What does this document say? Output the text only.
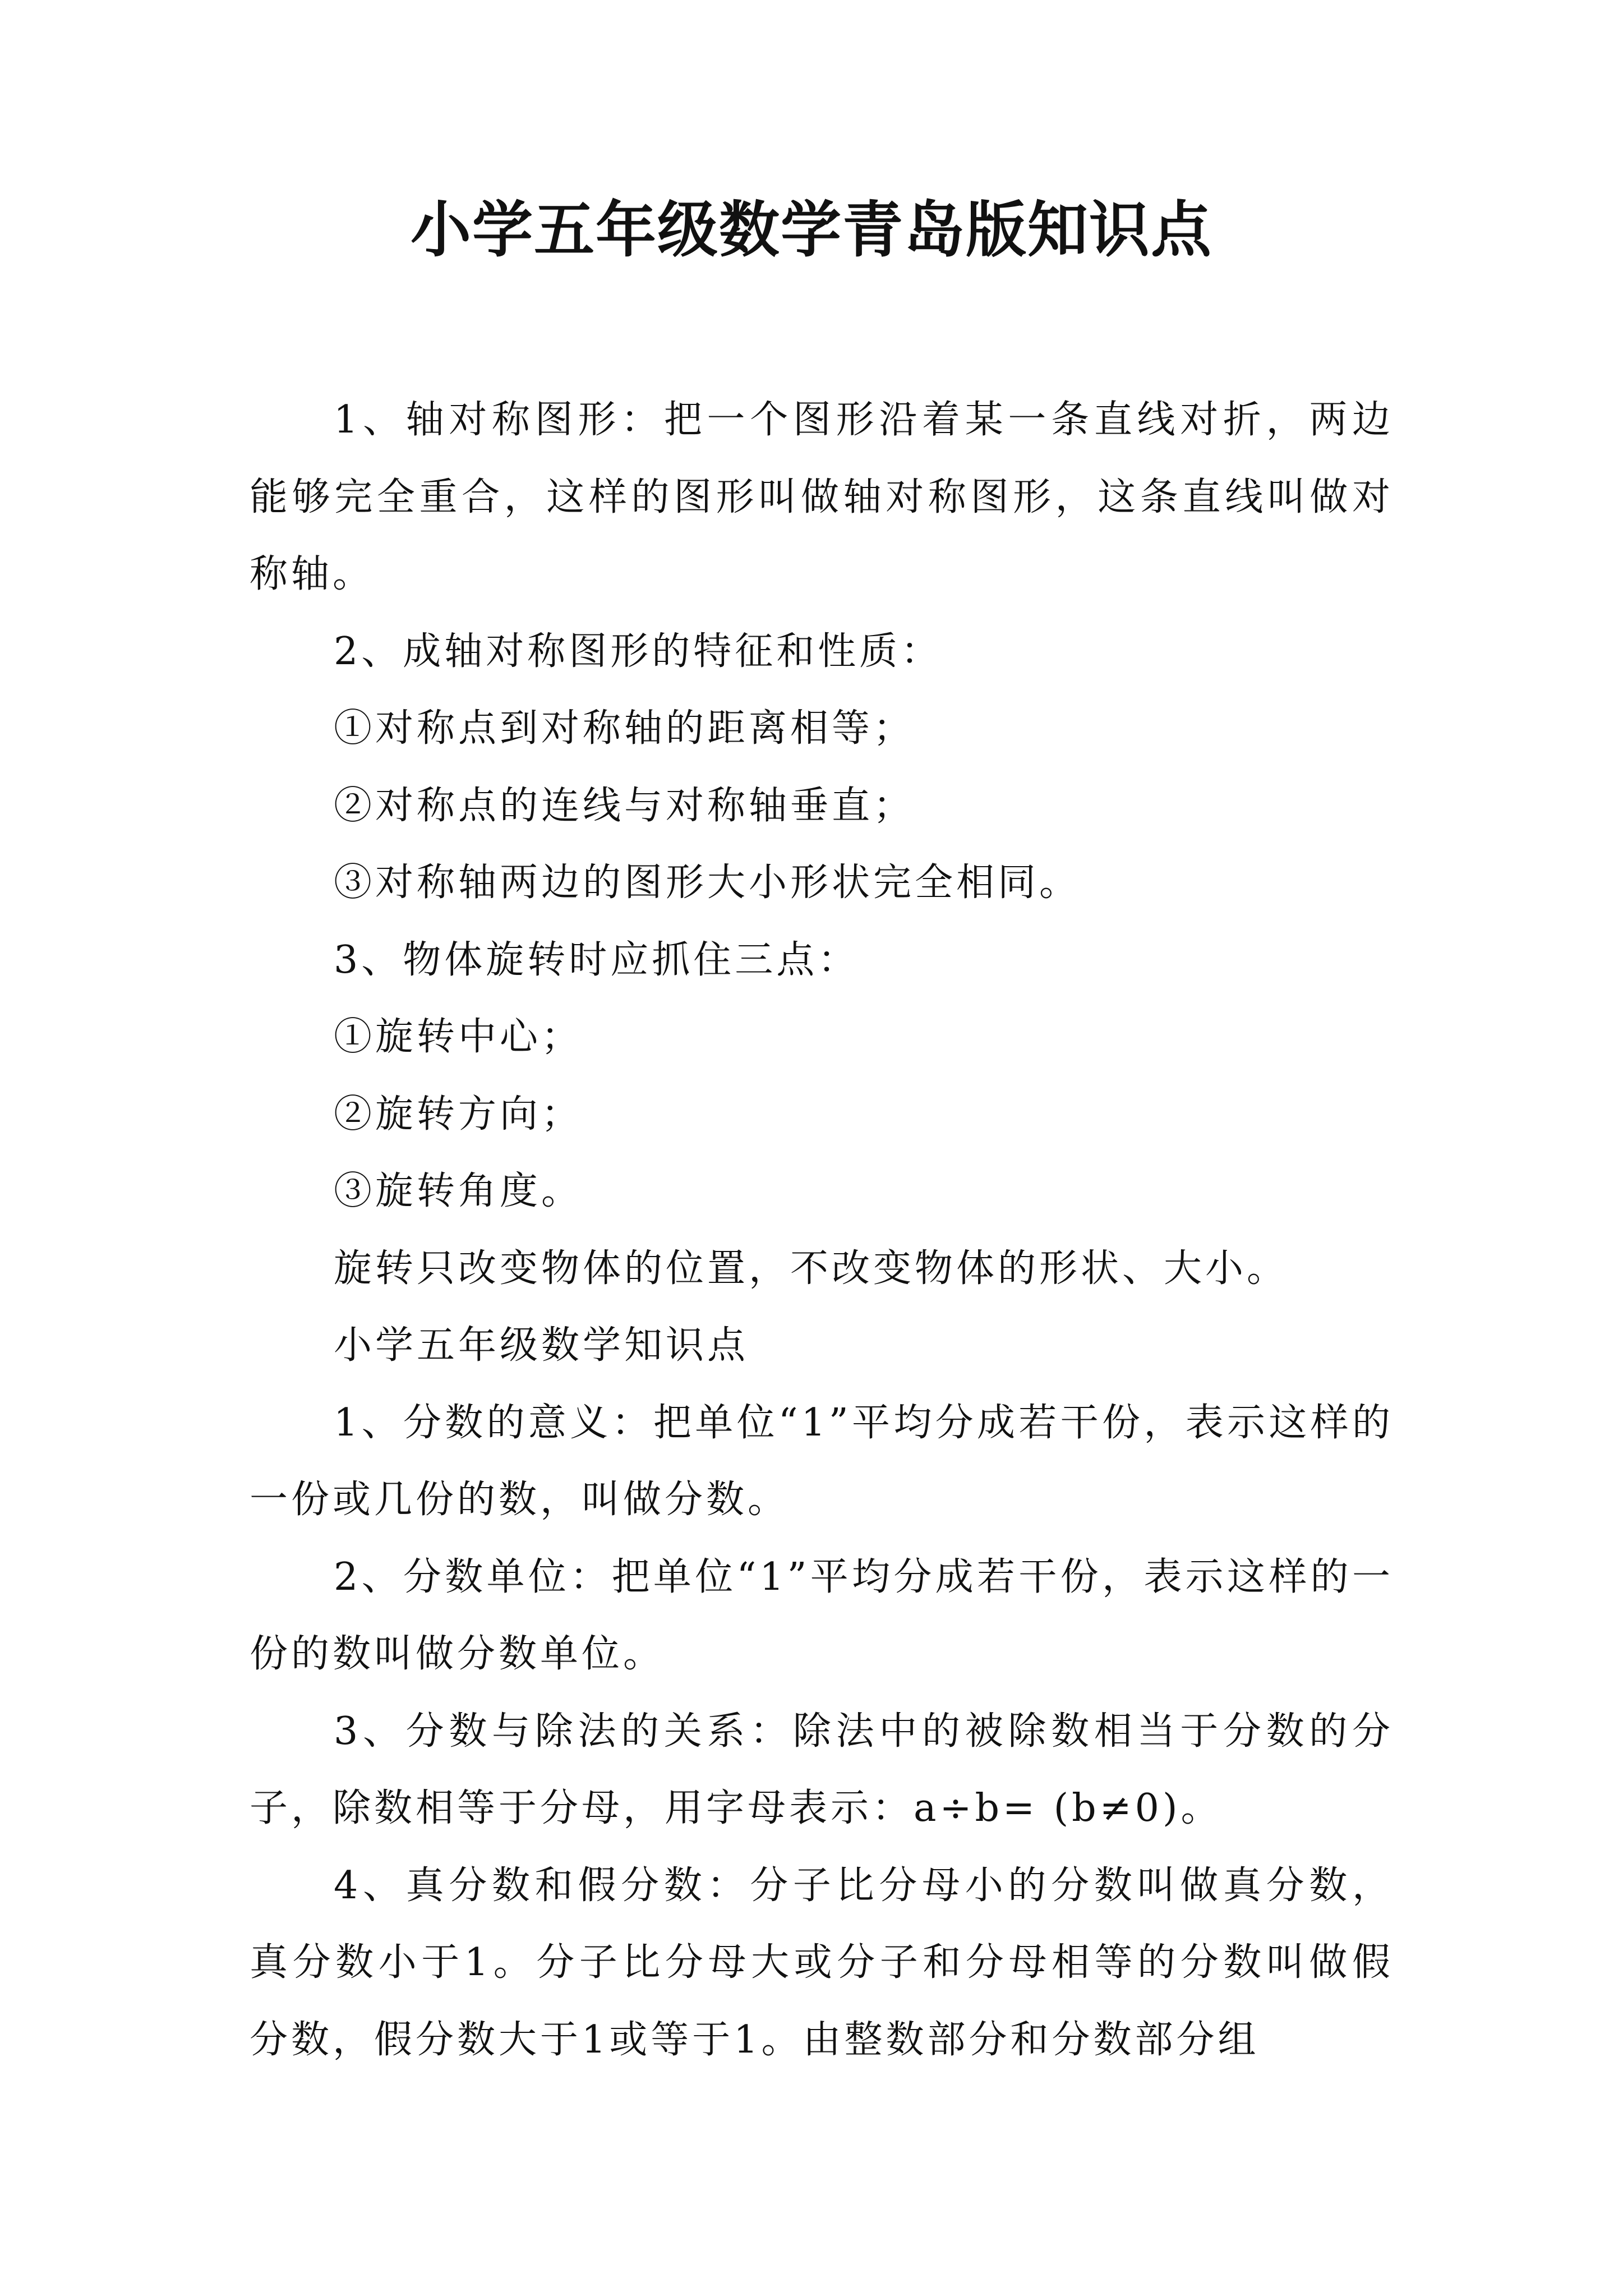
小学五年级数学青岛版知识点

1、轴对称图形：把一个图形沿着某一条直线对折，两边能够完全重合，这样的图形叫做轴对称图形，这条直线叫做对称轴。

2、成轴对称图形的特征和性质：

①对称点到对称轴的距离相等；

②对称点的连线与对称轴垂直；

③对称轴两边的图形大小形状完全相同。

3、物体旋转时应抓住三点：

①旋转中心；

②旋转方向；

③旋转角度。

旋转只改变物体的位置，不改变物体的形状、大小。

小学五年级数学知识点

1、分数的意义：把单位“1”平均分成若干份，表示这样的一份或几份的数，叫做分数。

2、分数单位：把单位“1”平均分成若干份，表示这样的一份的数叫做分数单位。

3、分数与除法的关系：除法中的被除数相当于分数的分子，除数相等于分母，用字母表示：a÷b= (b≠0)。

4、真分数和假分数：分子比分母小的分数叫做真分数，真分数小于1。分子比分母大或分子和分母相等的分数叫做假分数，假分数大于1或等于1。由整数部分和分数部分组
